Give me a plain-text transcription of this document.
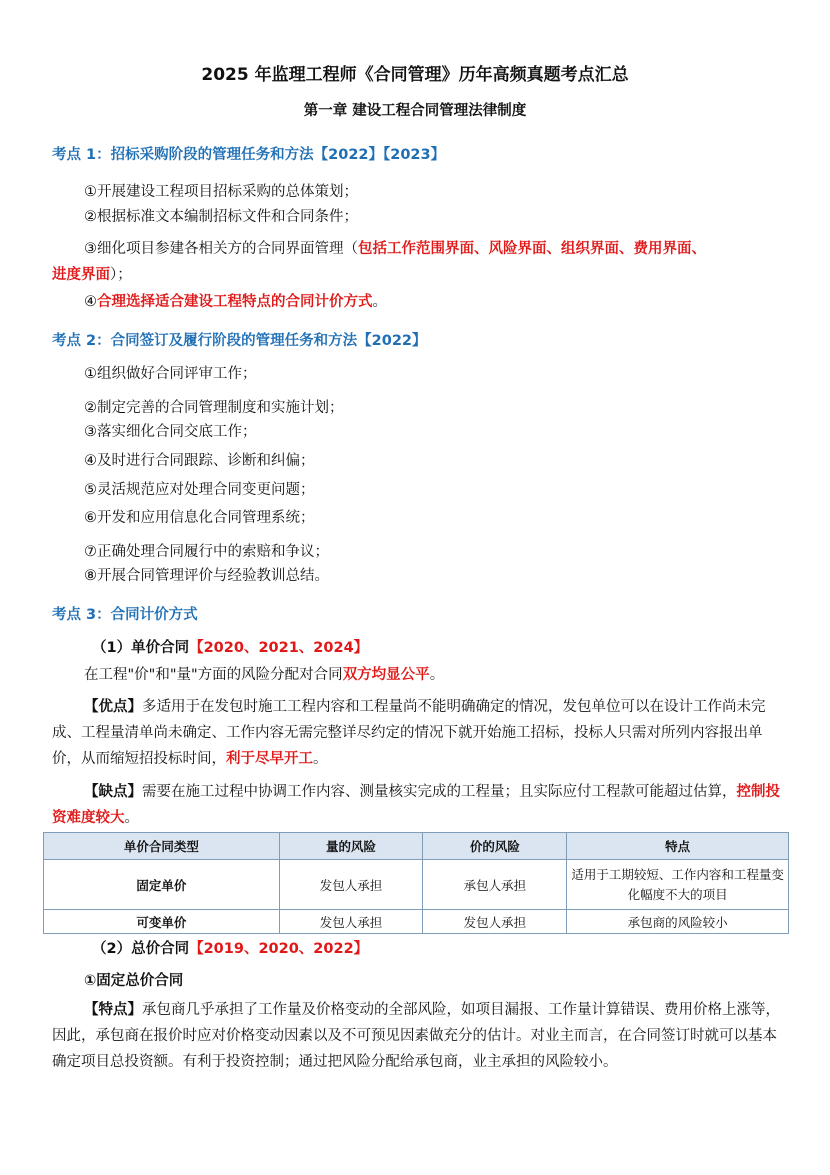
2025 年监理工程师《合同管理》历年高频真题考点汇总
第一章 建设工程合同管理法律制度
考点 1：招标采购阶段的管理任务和方法【2022】【2023】
①开展建设工程项目招标采购的总体策划；
②根据标准文本编制招标文件和合同条件；
③细化项目参建各相关方的合同界面管理（包括工作范围界面、风险界面、组织界面、费用界面、
进度界面）；
④合理选择适合建设工程特点的合同计价方式。
考点 2：合同签订及履行阶段的管理任务和方法【2022】
①组织做好合同评审工作；
②制定完善的合同管理制度和实施计划；
③落实细化合同交底工作；
④及时进行合同跟踪、诊断和纠偏；
⑤灵活规范应对处理合同变更问题；
⑥开发和应用信息化合同管理系统；
⑦正确处理合同履行中的索赔和争议；
⑧开展合同管理评价与经验教训总结。
考点 3：合同计价方式
（1）单价合同【2020、2021、2024】
在工程"价"和"量"方面的风险分配对合同双方均显公平。

【优点】多适用于在发包时施工工程内容和工程量尚不能明确确定的情况，发包单位可以在设计工作尚未完成、工程量清单尚未确定、工作内容无需完整详尽约定的情况下就开始施工招标，投标人只需对所列内容报出单价，从而缩短招投标时间，利于尽早开工。

【缺点】需要在施工过程中协调工作内容、测量核实完成的工程量；且实际应付工程款可能超过估算，控制投资难度较大。

单价合同类型	量的风险	价的风险	特点
固定单价	发包人承担	承包人承担	适用于工期较短、工作内容和工程量变化幅度不大的项目
可变单价	发包人承担	发包人承担	承包商的风险较小
（2）总价合同【2019、2020、2022】
①固定总价合同

【特点】承包商几乎承担了工作量及价格变动的全部风险，如项目漏报、工作量计算错误、费用价格上涨等，因此，承包商在报价时应对价格变动因素以及不可预见因素做充分的估计。对业主而言，在合同签订时就可以基本确定项目总投资额。有利于投资控制；通过把风险分配给承包商，业主承担的风险较小。
